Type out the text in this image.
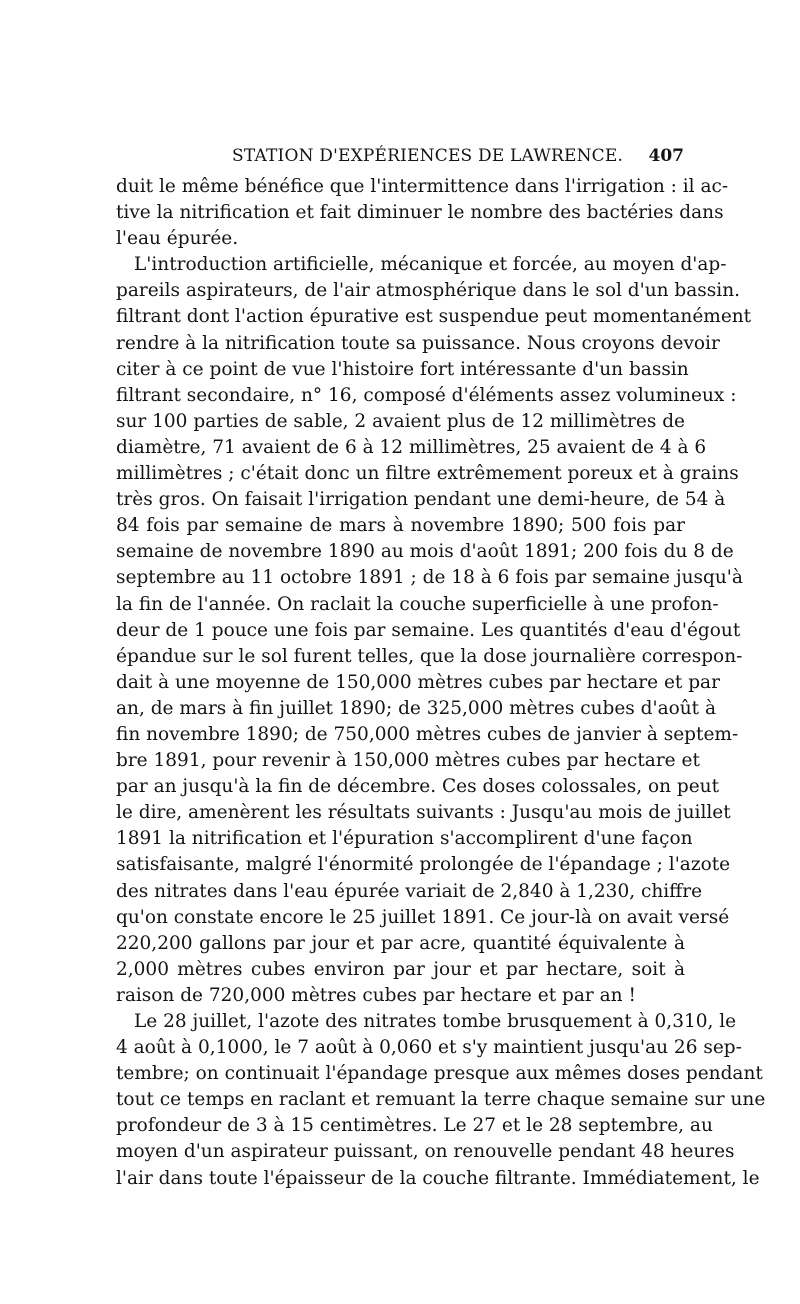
STATION D'EXPÉRIENCES DE LAWRENCE. 407
duit le même bénéfice que l'intermittence dans l'irrigation : il ac-
tive la nitrification et fait diminuer le nombre des bactéries dans
l'eau épurée.
L'introduction artificielle, mécanique et forcée, au moyen d'ap-
pareils aspirateurs, de l'air atmosphérique dans le sol d'un bassin.
filtrant dont l'action épurative est suspendue peut momentanément
rendre à la nitrification toute sa puissance. Nous croyons devoir
citer à ce point de vue l'histoire fort intéressante d'un bassin
filtrant secondaire, n° 16, composé d'éléments assez volumineux :
sur 100 parties de sable, 2 avaient plus de 12 millimètres de
diamètre, 71 avaient de 6 à 12 millimètres, 25 avaient de 4 à 6
millimètres ; c'était donc un filtre extrêmement poreux et à grains
très gros. On faisait l'irrigation pendant une demi-heure, de 54 à
84 fois par semaine de mars à novembre 1890; 500 fois par
semaine de novembre 1890 au mois d'août 1891; 200 fois du 8 de
septembre au 11 octobre 1891 ; de 18 à 6 fois par semaine jusqu'à
la fin de l'année. On raclait la couche superficielle à une profon-
deur de 1 pouce une fois par semaine. Les quantités d'eau d'égout
épandue sur le sol furent telles, que la dose journalière correspon-
dait à une moyenne de 150,000 mètres cubes par hectare et par
an, de mars à fin juillet 1890; de 325,000 mètres cubes d'août à
fin novembre 1890; de 750,000 mètres cubes de janvier à septem-
bre 1891, pour revenir à 150,000 mètres cubes par hectare et
par an jusqu'à la fin de décembre. Ces doses colossales, on peut
le dire, amenèrent les résultats suivants : Jusqu'au mois de juillet
1891 la nitrification et l'épuration s'accomplirent d'une façon
satisfaisante, malgré l'énormité prolongée de l'épandage ; l'azote
des nitrates dans l'eau épurée variait de 2,840 à 1,230, chiffre
qu'on constate encore le 25 juillet 1891. Ce jour-là on avait versé
220,200 gallons par jour et par acre, quantité équivalente à
2,000 mètres cubes environ par jour et par hectare, soit à
raison de 720,000 mètres cubes par hectare et par an !
Le 28 juillet, l'azote des nitrates tombe brusquement à 0,310, le
4 août à 0,1000, le 7 août à 0,060 et s'y maintient jusqu'au 26 sep-
tembre; on continuait l'épandage presque aux mêmes doses pendant
tout ce temps en raclant et remuant la terre chaque semaine sur une
profondeur de 3 à 15 centimètres. Le 27 et le 28 septembre, au
moyen d'un aspirateur puissant, on renouvelle pendant 48 heures
l'air dans toute l'épaisseur de la couche filtrante. Immédiatement, le
